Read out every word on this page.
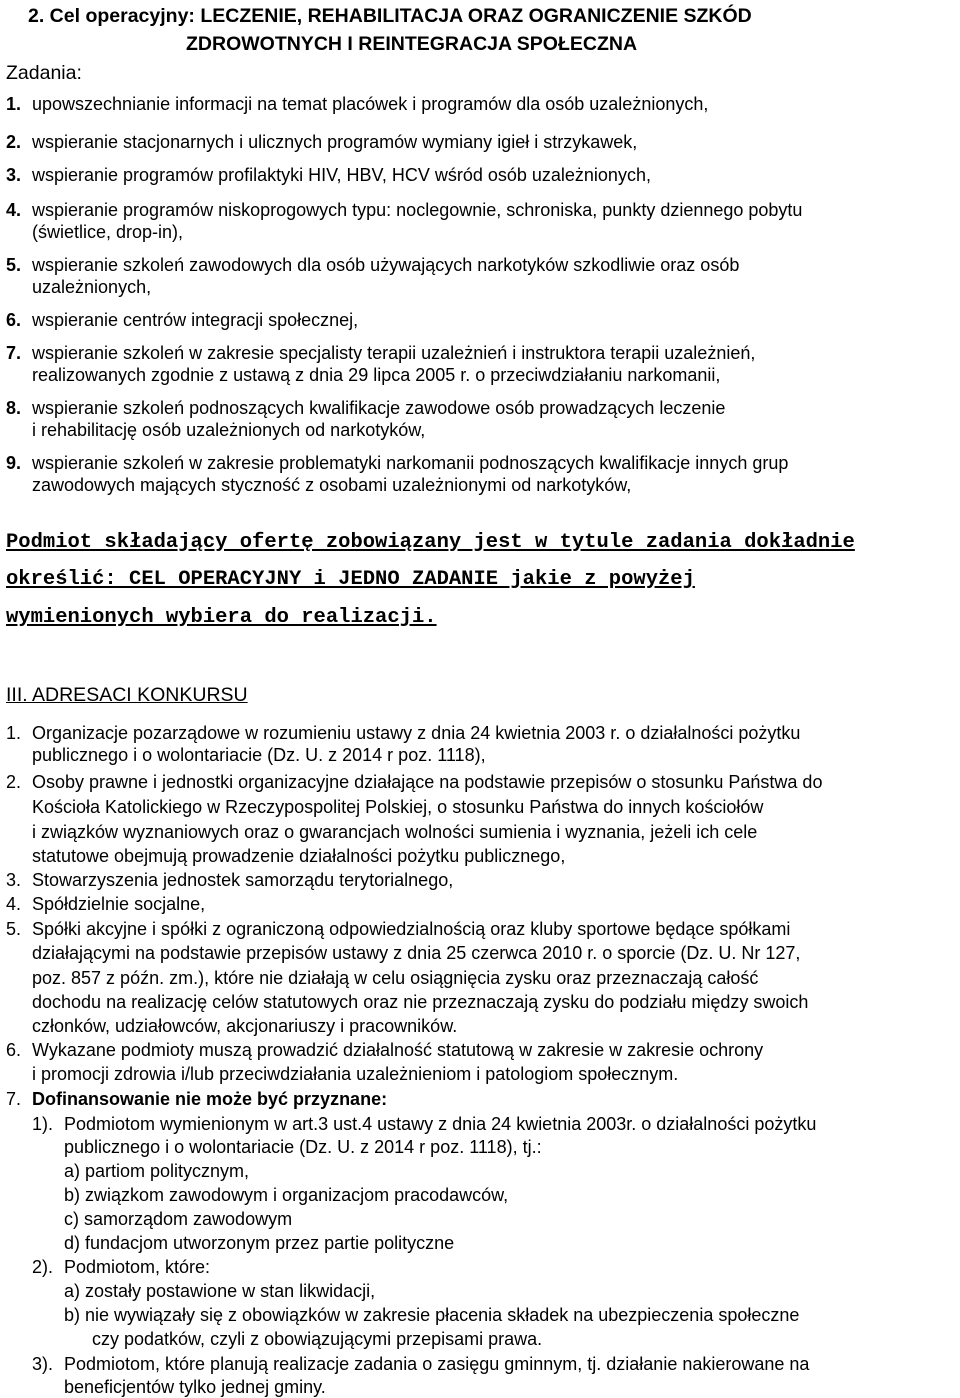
2. Cel operacyjny: LECZENIE, REHABILITACJA ORAZ OGRANICZENIE SZKÓD
ZDROWOTNYCH I REINTEGRACJA SPOŁECZNA
Zadania:
1. upowszechnianie informacji na temat placówek i programów dla osób uzależnionych,
2. wspieranie stacjonarnych i ulicznych programów wymiany igieł i strzykawek,
3. wspieranie programów profilaktyki HIV, HBV, HCV wśród osób uzależnionych,
4. wspieranie programów niskoprogowych typu: noclegownie, schroniska, punkty dziennego pobytu
(świetlice, drop-in),
5. wspieranie szkoleń zawodowych dla osób używających narkotyków szkodliwie oraz osób
uzależnionych,
6. wspieranie centrów integracji społecznej,
7. wspieranie szkoleń w zakresie specjalisty terapii uzależnień i instruktora terapii uzależnień,
realizowanych zgodnie z ustawą z dnia 29 lipca 2005 r. o przeciwdziałaniu narkomanii,
8. wspieranie szkoleń podnoszących kwalifikacje zawodowe osób prowadzących leczenie
i rehabilitację osób uzależnionych od narkotyków,
9. wspieranie szkoleń w zakresie problematyki narkomanii podnoszących kwalifikacje innych grup
zawodowych mających styczność z osobami uzależnionymi od narkotyków,
Podmiot składający ofertę zobowiązany jest w tytule zadania dokładnie
określić: CEL OPERACYJNY i JEDNO ZADANIE jakie z powyżej
wymienionych wybiera do realizacji.
III. ADRESACI KONKURSU
1. Organizacje pozarządowe w rozumieniu ustawy z dnia 24 kwietnia 2003 r. o działalności pożytku
publicznego i o wolontariacie (Dz. U. z 2014 r poz. 1118),
2. Osoby prawne i jednostki organizacyjne działające na podstawie przepisów o stosunku Państwa do
Kościoła Katolickiego w Rzeczypospolitej Polskiej, o stosunku Państwa do innych kościołów
i związków wyznaniowych oraz o gwarancjach wolności sumienia i wyznania, jeżeli ich cele
statutowe obejmują prowadzenie działalności pożytku publicznego,
3. Stowarzyszenia jednostek samorządu terytorialnego,
4. Spółdzielnie socjalne,
5. Spółki akcyjne i spółki z ograniczoną odpowiedzialnością oraz kluby sportowe będące spółkami
działającymi na podstawie przepisów ustawy z dnia 25 czerwca 2010 r. o sporcie (Dz. U. Nr 127,
poz. 857 z późn. zm.), które nie działają w celu osiągnięcia zysku oraz przeznaczają całość
dochodu na realizację celów statutowych oraz nie przeznaczają zysku do podziału między swoich
członków, udziałowców, akcjonariuszy i pracowników.
6. Wykazane podmioty muszą prowadzić działalność statutową w zakresie w zakresie ochrony
i promocji zdrowia i/lub przeciwdziałania uzależnieniom i patologiom społecznym.
7. Dofinansowanie nie może być przyznane:
1). Podmiotom wymienionym w art.3 ust.4 ustawy z dnia 24 kwietnia 2003r. o działalności pożytku
publicznego i o wolontariacie (Dz. U. z 2014 r poz. 1118), tj.:
a) partiom politycznym,
b) związkom zawodowym i organizacjom pracodawców,
c) samorządom zawodowym
d) fundacjom utworzonym przez partie polityczne
2). Podmiotom, które:
a) zostały postawione w stan likwidacji,
b) nie wywiązały się z obowiązków w zakresie płacenia składek na ubezpieczenia społeczne
czy podatków, czyli z obowiązującymi przepisami prawa.
3). Podmiotom, które planują realizacje zadania o zasięgu gminnym, tj. działanie nakierowane na
beneficjentów tylko jednej gminy.
